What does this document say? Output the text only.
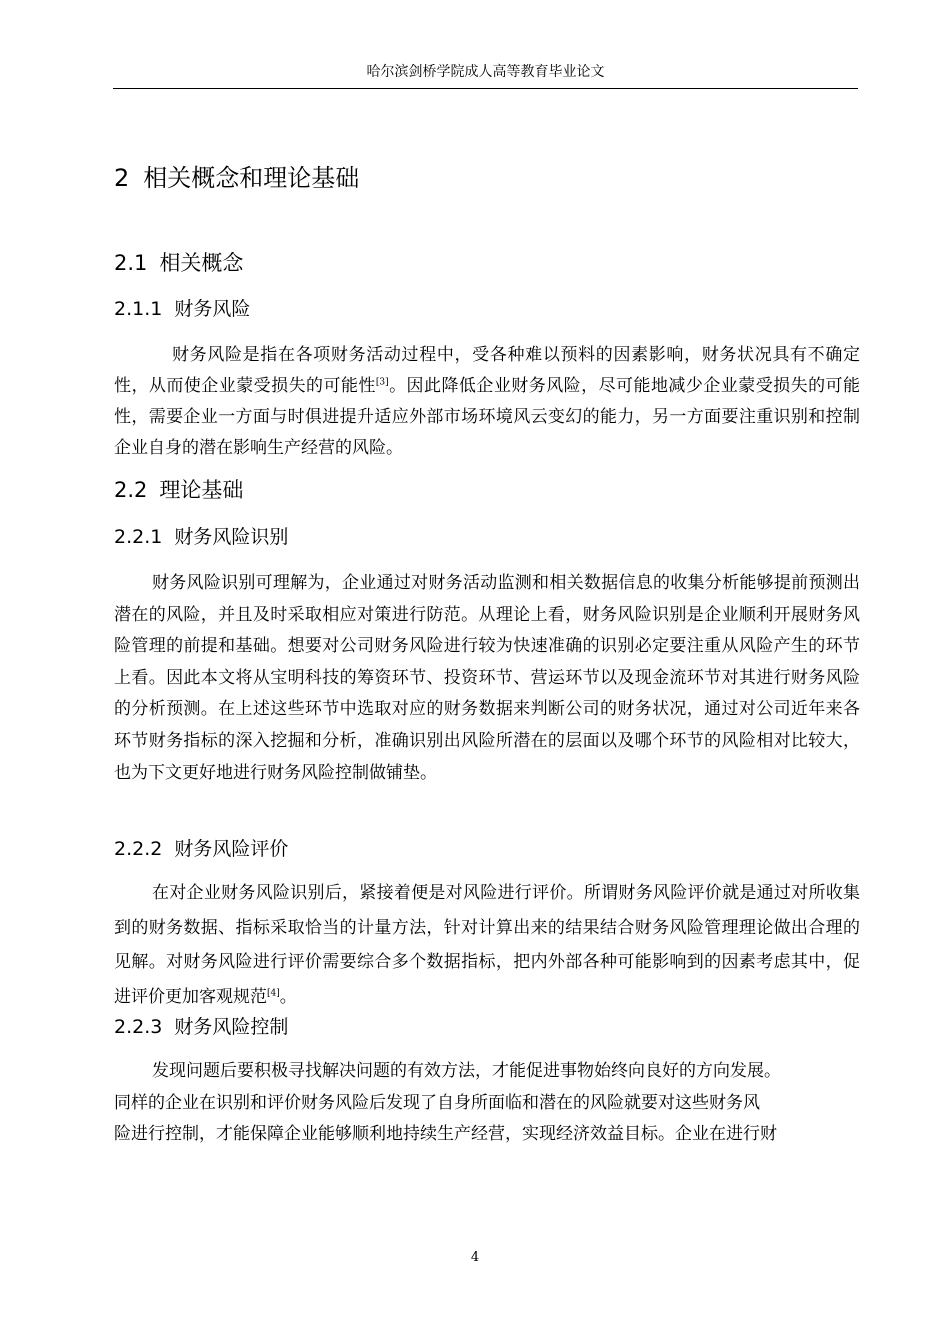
哈尔滨剑桥学院成人高等教育毕业论文
2 相关概念和理论基础
2.1 相关概念
2.1.1 财务风险

财务风险是指在各项财务活动过程中，受各种难以预料的因素影响，财务状况具有不确定性，从而使企业蒙受损失的可能性[3]。因此降低企业财务风险，尽可能地减少企业蒙受损失的可能性，需要企业一方面与时俱进提升适应外部市场环境风云变幻的能力，另一方面要注重识别和控制企业自身的潜在影响生产经营的风险。

2.2 理论基础
2.2.1 财务风险识别

财务风险识别可理解为，企业通过对财务活动监测和相关数据信息的收集分析能够提前预测出潜在的风险，并且及时采取相应对策进行防范。从理论上看，财务风险识别是企业顺利开展财务风险管理的前提和基础。想要对公司财务风险进行较为快速准确的识别必定要注重从风险产生的环节上看。因此本文将从宝明科技的筹资环节、投资环节、营运环节以及现金流环节对其进行财务风险的分析预测。在上述这些环节中选取对应的财务数据来判断公司的财务状况，通过对公司近年来各环节财务指标的深入挖掘和分析，准确识别出风险所潜在的层面以及哪个环节的风险相对比较大，也为下文更好地进行财务风险控制做铺垫。

2.2.2 财务风险评价

在对企业财务风险识别后，紧接着便是对风险进行评价。所谓财务风险评价就是通过对所收集到的财务数据、指标采取恰当的计量方法，针对计算出来的结果结合财务风险管理理论做出合理的见解。对财务风险进行评价需要综合多个数据指标，把内外部各种可能影响到的因素考虑其中，促进评价更加客观规范[4]。

2.2.3 财务风险控制
发现问题后要积极寻找解决问题的有效方法，才能促进事物始终向良好的方向发展。
同样的企业在识别和评价财务风险后发现了自身所面临和潜在的风险就要对这些财务风
险进行控制，才能保障企业能够顺利地持续生产经营，实现经济效益目标。企业在进行财
4
